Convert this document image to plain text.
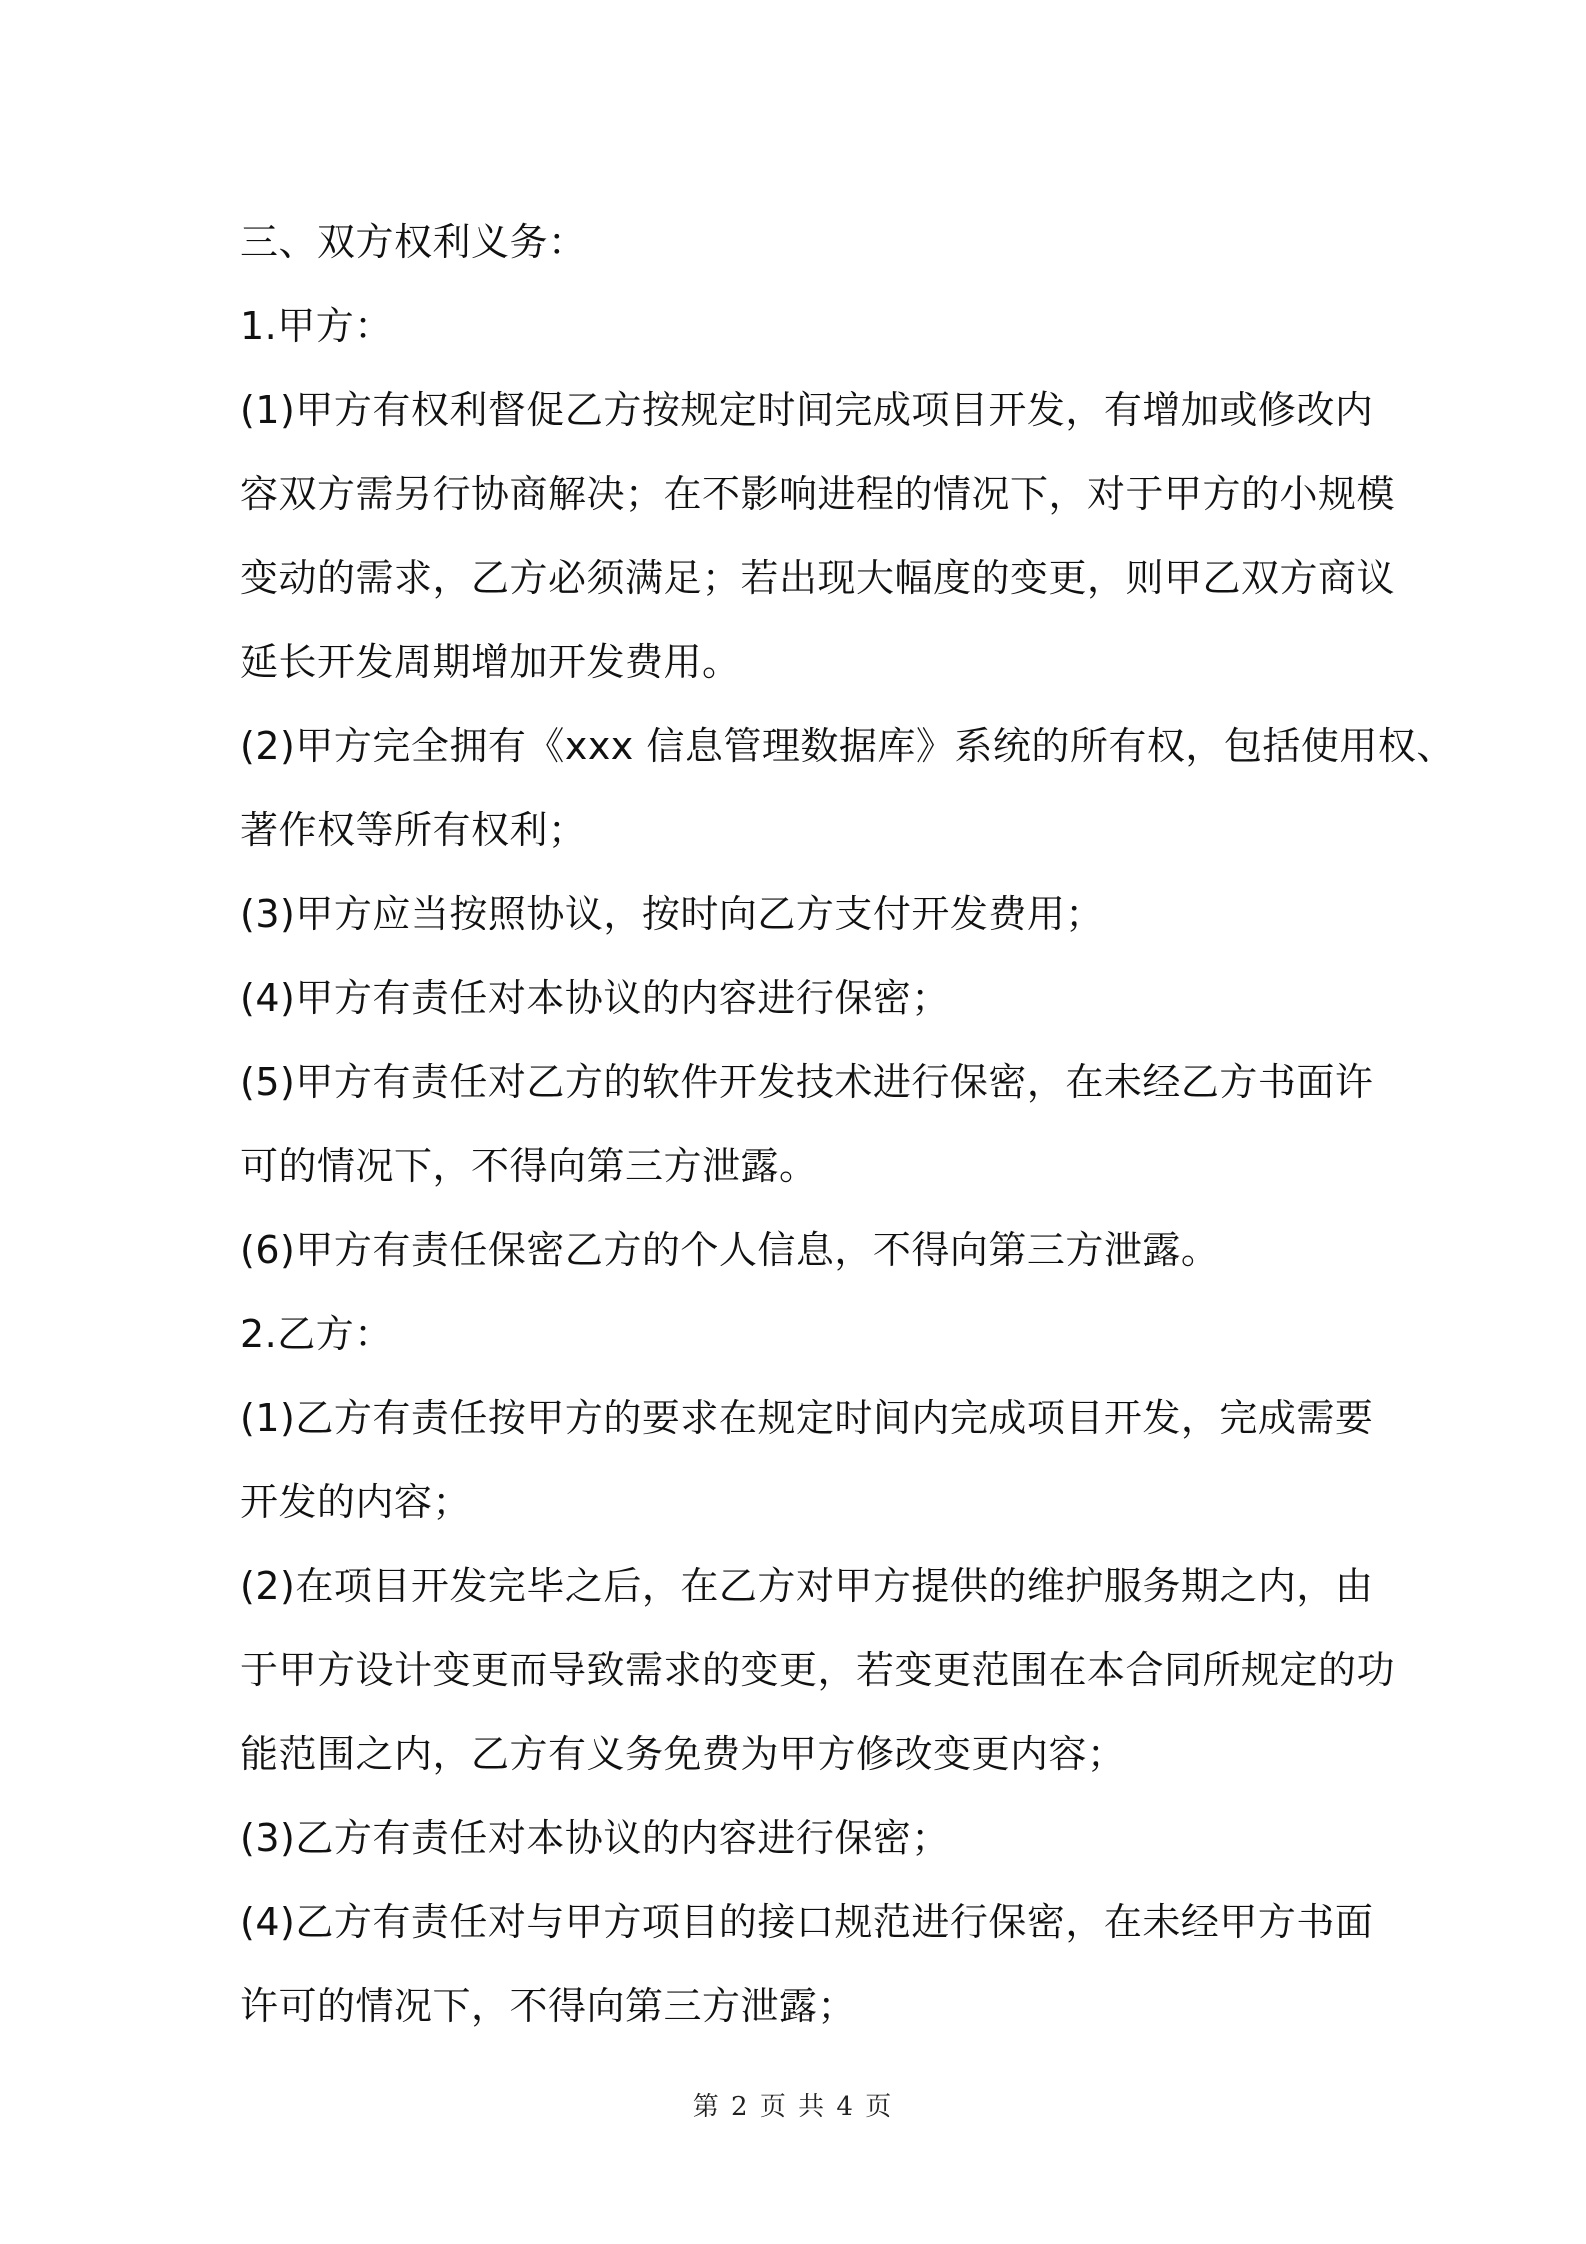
三、双方权利义务：

1.甲方：

(1)甲方有权利督促乙方按规定时间完成项目开发，有增加或修改内
容双方需另行协商解决；在不影响进程的情况下，对于甲方的小规模
变动的需求，乙方必须满足；若出现大幅度的变更，则甲乙双方商议
延长开发周期增加开发费用。

(2)甲方完全拥有《xxx 信息管理数据库》系统的所有权，包括使用权、
著作权等所有权利；

(3)甲方应当按照协议，按时向乙方支付开发费用；

(4)甲方有责任对本协议的内容进行保密；

(5)甲方有责任对乙方的软件开发技术进行保密，在未经乙方书面许
可的情况下，不得向第三方泄露。

(6)甲方有责任保密乙方的个人信息，不得向第三方泄露。

2.乙方：

(1)乙方有责任按甲方的要求在规定时间内完成项目开发，完成需要
开发的内容；

(2)在项目开发完毕之后，在乙方对甲方提供的维护服务期之内，由
于甲方设计变更而导致需求的变更，若变更范围在本合同所规定的功
能范围之内，乙方有义务免费为甲方修改变更内容；

(3)乙方有责任对本协议的内容进行保密；

(4)乙方有责任对与甲方项目的接口规范进行保密，在未经甲方书面
许可的情况下，不得向第三方泄露；

第 2 页 共 4 页
